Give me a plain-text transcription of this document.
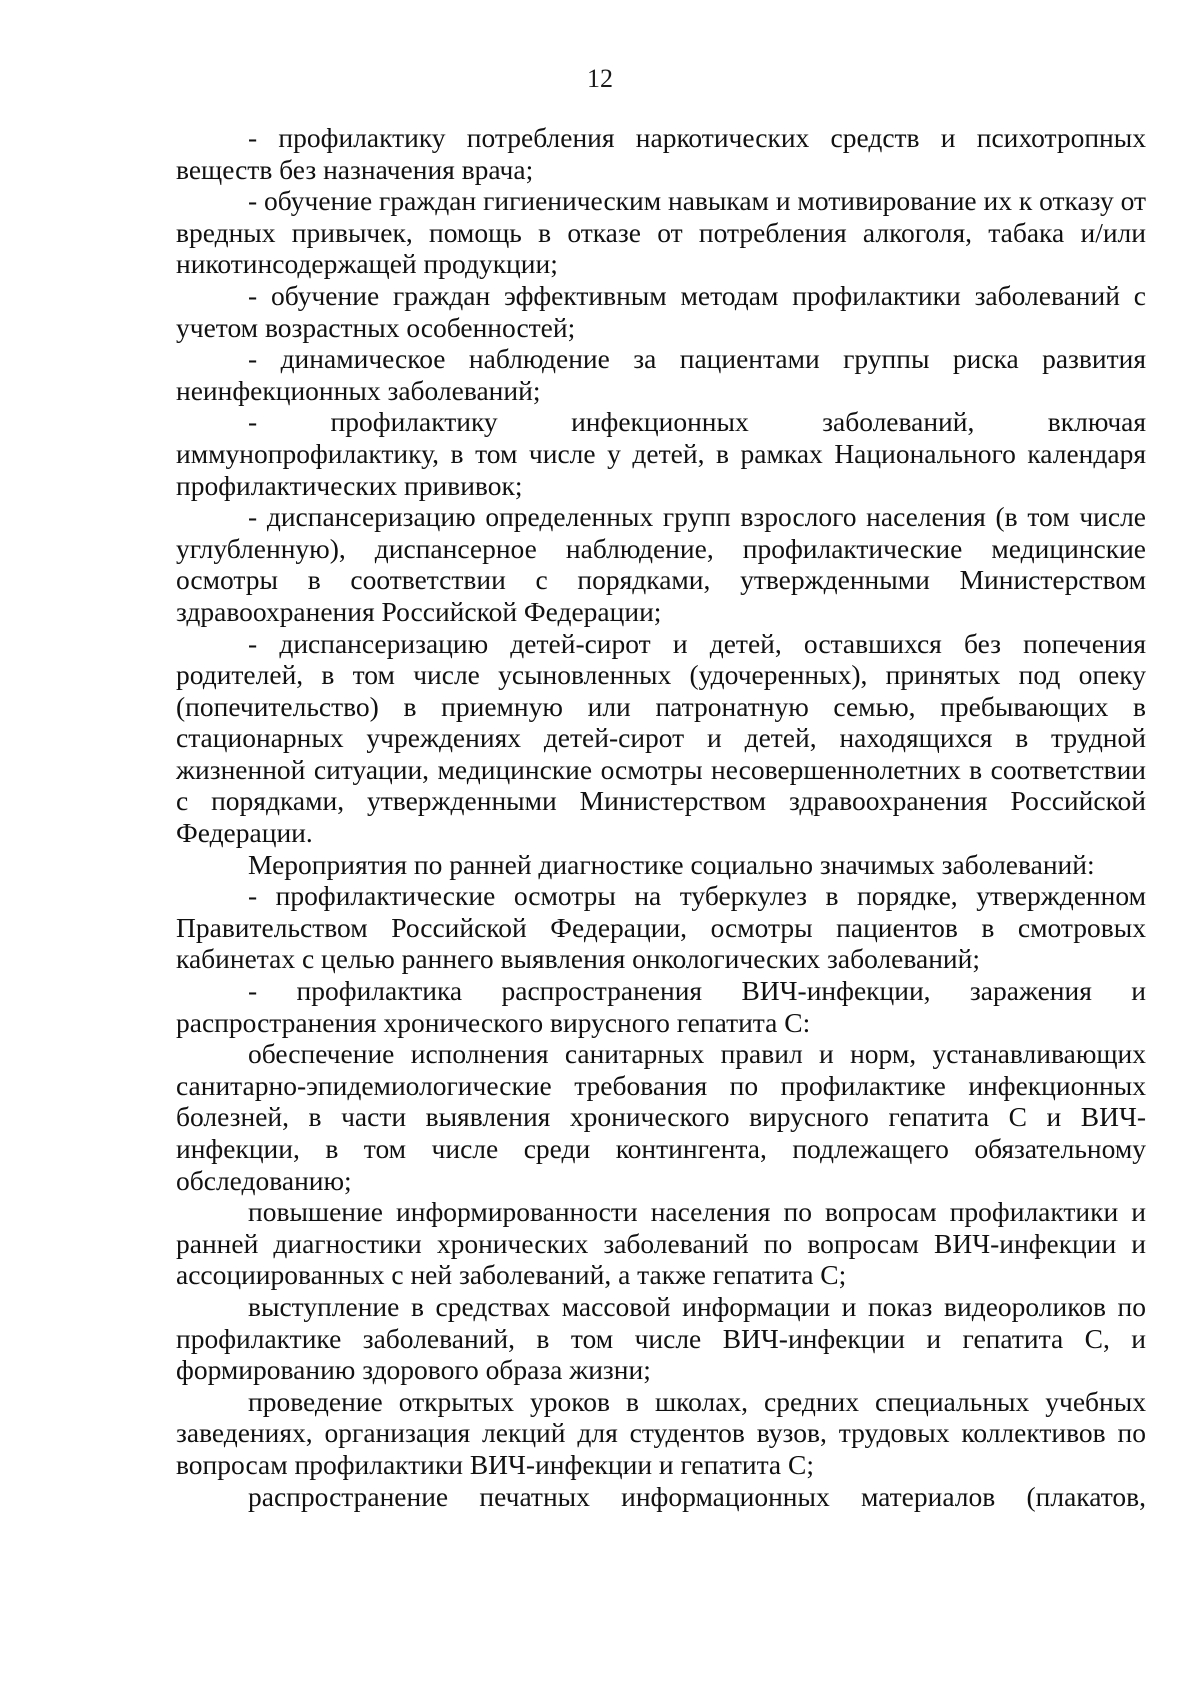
12

- профилактику потребления наркотических средств и психотропных веществ без назначения врача;

- обучение граждан гигиеническим навыкам и мотивирование их к отказу от вредных привычек, помощь в отказе от потребления алкоголя, табака и/или никотинсодержащей продукции;

- обучение граждан эффективным методам профилактики заболеваний с учетом возрастных особенностей;

- динамическое наблюдение за пациентами группы риска развития неинфекционных заболеваний;

- профилактику инфекционных заболеваний, включая иммунопрофилактику, в том числе у детей, в рамках Национального календаря профилактических прививок;

- диспансеризацию определенных групп взрослого населения (в том числе углубленную), диспансерное наблюдение, профилактические медицинские осмотры в соответствии с порядками, утвержденными Министерством здравоохранения Российской Федерации;

- диспансеризацию детей-сирот и детей, оставшихся без попечения родителей, в том числе усыновленных (удочеренных), принятых под опеку (попечительство) в приемную или патронатную семью, пребывающих в стационарных учреждениях детей-сирот и детей, находящихся в трудной жизненной ситуации, медицинские осмотры несовершеннолетних в соответствии с порядками, утвержденными Министерством здравоохранения Российской Федерации.

Мероприятия по ранней диагностике социально значимых заболеваний:

- профилактические осмотры на туберкулез в порядке, утвержденном Правительством Российской Федерации, осмотры пациентов в смотровых кабинетах с целью раннего выявления онкологических заболеваний;

- профилактика распространения ВИЧ-инфекции, заражения и распространения хронического вирусного гепатита С:

обеспечение исполнения санитарных правил и норм, устанавливающих санитарно-эпидемиологические требования по профилактике инфекционных болезней, в части выявления хронического вирусного гепатита С и ВИЧ-инфекции, в том числе среди контингента, подлежащего обязательному обследованию;

повышение информированности населения по вопросам профилактики и ранней диагностики хронических заболеваний по вопросам ВИЧ-инфекции и ассоциированных с ней заболеваний, а также гепатита С;

выступление в средствах массовой информации и показ видеороликов по профилактике заболеваний, в том числе ВИЧ-инфекции и гепатита С, и формированию здорового образа жизни;

проведение открытых уроков в школах, средних специальных учебных заведениях, организация лекций для студентов вузов, трудовых коллективов по вопросам профилактики ВИЧ-инфекции и гепатита С;

распространение печатных информационных материалов (плакатов,
